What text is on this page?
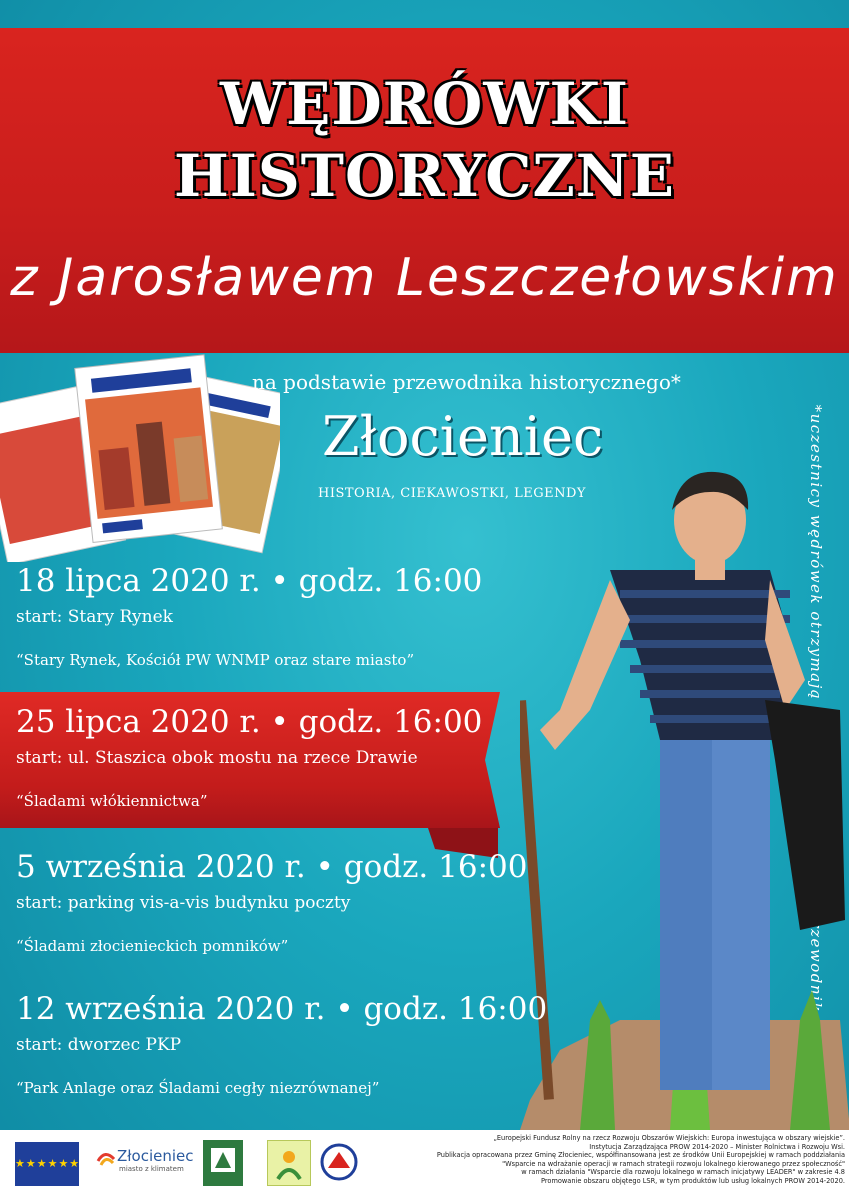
WĘDRÓWKI
HISTORYCZNE
z Jarosławem Leszczełowskim
na podstawie przewodnika historycznego*
Złocieniec
HISTORIA, CIEKAWOSTKI, LEGENDY
18 lipca 2020 r. • godz. 16:00
start: Stary Rynek
“Stary Rynek, Kościół PW WNMP oraz stare miasto”
25 lipca 2020 r. • godz. 16:00
start: ul. Staszica obok mostu na rzece Drawie
“Śladami włókiennictwa”
5 września 2020 r. • godz. 16:00
start: parking vis-a-vis budynku poczty
“Śladami złocienieckich pomników”
12 września 2020 r. • godz. 16:00
start: dworzec PKP
“Park Anlage oraz Śladami cegły niezrównanej”
★★★★★★ Złocieniec
miasto z klimatem
„Europejski Fundusz Rolny na rzecz Rozwoju Obszarów Wiejskich: Europa inwestująca w obszary wiejskie”.
Instytucja Zarządzająca PROW 2014-2020 – Minister Rolnictwa i Rozwoju Wsi.
Publikacja opracowana przez Gminę Złocieniec, współfinansowana jest ze środków Unii Europejskiej w ramach poddziałania
"Wsparcie na wdrażanie operacji w ramach strategii rozwoju lokalnego kierowanego przez społeczność"
w ramach działania "Wsparcie dla rozwoju lokalnego w ramach inicjatywy LEADER" w zakresie 4.8
Promowanie obszaru objętego LSR, w tym produktów lub usług lokalnych PROW 2014-2020.
